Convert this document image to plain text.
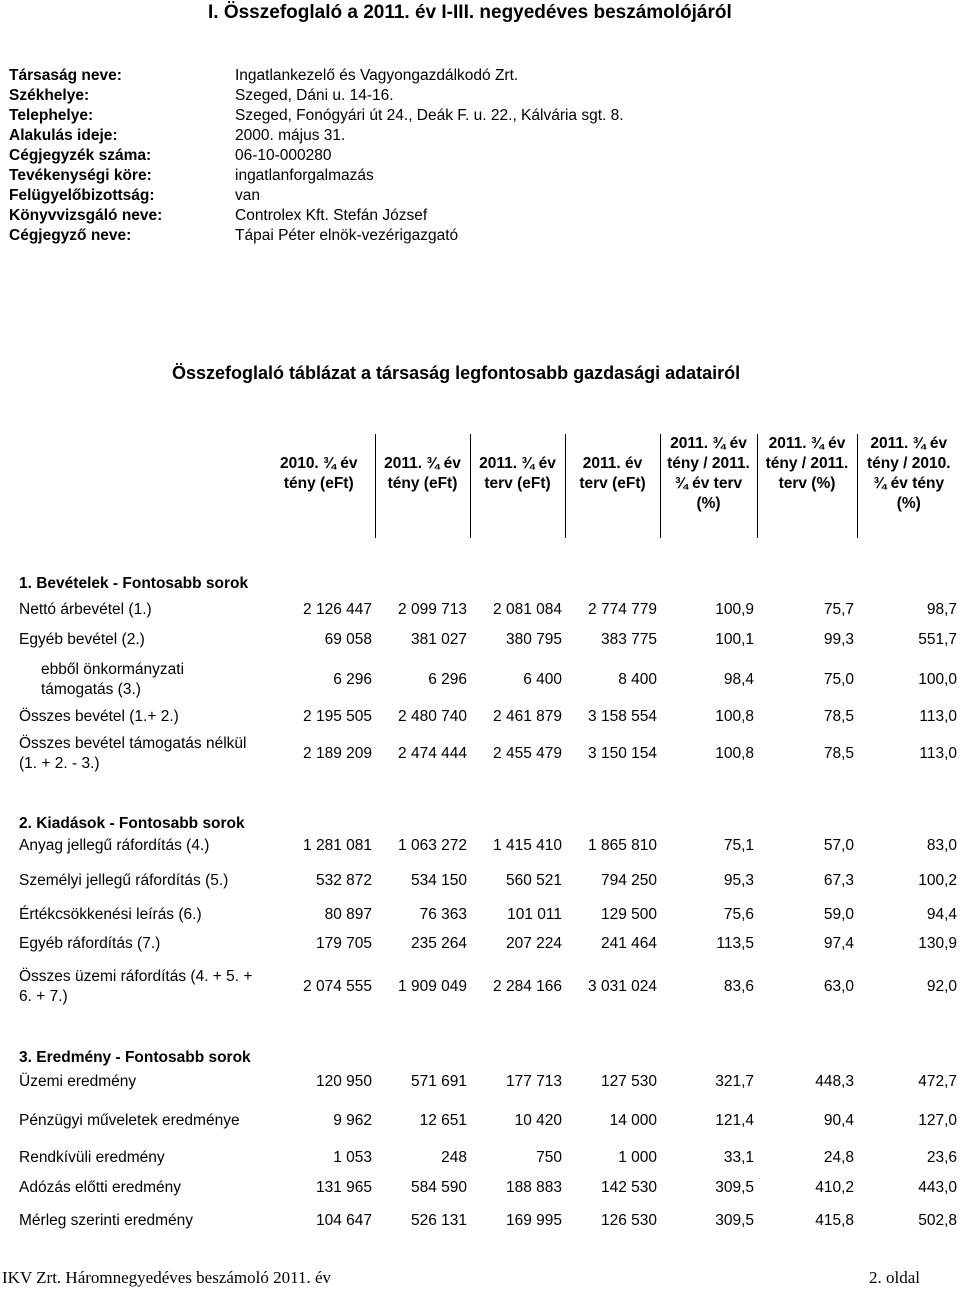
I. Összefoglaló a 2011. év I-III. negyedéves beszámolójáról
Társaság neve:	Ingatlankezelő és Vagyongazdálkodó Zrt.
Székhelye:	Szeged, Dáni u. 14-16.
Telephelye:	Szeged, Fonógyári út 24., Deák F. u. 22., Kálvária sgt. 8.
Alakulás ideje:	2000. május 31.
Cégjegyzék száma:	06-10-000280
Tevékenységi köre:	ingatlanforgalmazás
Felügyelőbizottság:	van
Könyvvizsgáló neve:	Controlex Kft. Stefán József
Cégjegyző neve:	Tápai Péter elnök-vezérigazgató
Összefoglaló táblázat a társaság legfontosabb gazdasági adatairól

	2010. ¾ év tény (eFt)	2011. ¾ év tény (eFt)	2011. ¾ év terv (eFt)	2011. év terv (eFt)	2011. ¾ év tény / 2011. ¾ év terv (%)	2011. ¾ év tény / 2011. terv (%)	2011. ¾ év tény / 2010. ¾ év tény (%)

1. Bevételek - Fontosabb sorok							
Nettó árbevétel (1.)	2 126 447	2 099 713	2 081 084	2 774 779	100,9	75,7	98,7
Egyéb bevétel (2.)	69 058	381 027	380 795	383 775	100,1	99,3	551,7
ebből önkormányzati támogatás (3.)	6 296	6 296	6 400	8 400	98,4	75,0	100,0
Összes bevétel (1.+ 2.)	2 195 505	2 480 740	2 461 879	3 158 554	100,8	78,5	113,0
Összes bevétel támogatás nélkül (1. + 2. - 3.)	2 189 209	2 474 444	2 455 479	3 150 154	100,8	78,5	113,0
2. Kiadások - Fontosabb sorok							
Anyag jellegű ráfordítás (4.)	1 281 081	1 063 272	1 415 410	1 865 810	75,1	57,0	83,0
Személyi jellegű ráfordítás (5.)	532 872	534 150	560 521	794 250	95,3	67,3	100,2
Értékcsökkenési leírás (6.)	80 897	76 363	101 011	129 500	75,6	59,0	94,4
Egyéb ráfordítás (7.)	179 705	235 264	207 224	241 464	113,5	97,4	130,9
Összes üzemi ráfordítás (4. + 5. + 6. + 7.)	2 074 555	1 909 049	2 284 166	3 031 024	83,6	63,0	92,0
3. Eredmény - Fontosabb sorok							
Üzemi eredmény	120 950	571 691	177 713	127 530	321,7	448,3	472,7
Pénzügyi műveletek eredménye	9 962	12 651	10 420	14 000	121,4	90,4	127,0
Rendkívüli eredmény	1 053	248	750	1 000	33,1	24,8	23,6
Adózás előtti eredmény	131 965	584 590	188 883	142 530	309,5	410,2	443,0
Mérleg szerinti eredmény	104 647	526 131	169 995	126 530	309,5	415,8	502,8
IKV Zrt. Háromnegyedéves beszámoló 2011. év	2. oldal
